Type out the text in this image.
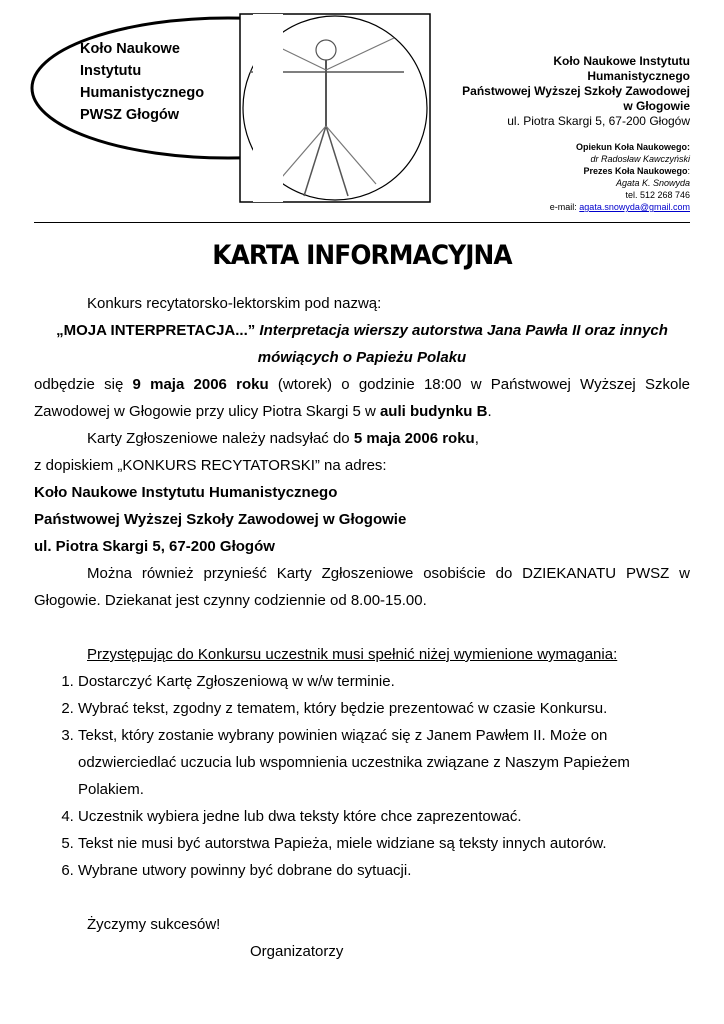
Koło Naukowe
Instytutu
Humanistycznego
PWSZ Głogów
Koło Naukowe Instytutu
Humanistycznego
Państwowej Wyższej Szkoły Zawodowej
w Głogowie
ul. Piotra Skargi 5, 67-200 Głogów
Opiekun Koła Naukowego:
dr Radosław Kawczyński
Prezes Koła Naukowego:
Agata K. Snowyda
tel. 512 268 746
e-mail: agata.snowyda@gmail.com
KARTA INFORMACYJNA

Konkurs recytatorsko-lektorskim pod nazwą:

„MOJA INTERPRETACJA...” Interpretacja wierszy autorstwa Jana Pawła II oraz innych mówiących o Papieżu Polaku

odbędzie się 9 maja 2006 roku (wtorek) o godzinie 18:00 w Państwowej Wyższej Szkole Zawodowej w Głogowie przy ulicy Piotra Skargi 5 w auli budynku B.

Karty Zgłoszeniowe należy nadsyłać do 5 maja 2006 roku,

z dopiskiem „KONKURS RECYTATORSKI” na adres:

Koło Naukowe Instytutu Humanistycznego

Państwowej Wyższej Szkoły Zawodowej w Głogowie

ul. Piotra Skargi 5, 67-200 Głogów

Można również przynieść Karty Zgłoszeniowe osobiście do DZIEKANATU PWSZ w Głogowie. Dziekanat jest czynny codziennie od 8.00-15.00.

Przystępując do Konkursu uczestnik musi spełnić niżej wymienione wymagania:

1. Dostarczyć Kartę Zgłoszeniową w w/w terminie.
2. Wybrać tekst, zgodny z tematem, który będzie prezentować w czasie Konkursu.
3. Tekst, który zostanie wybrany powinien wiązać się z Janem Pawłem II. Może on odzwierciedlać uczucia lub wspomnienia uczestnika związane z Naszym Papieżem Polakiem.
4. Uczestnik wybiera jedne lub dwa teksty które chce zaprezentować.
5. Tekst nie musi być autorstwa Papieża, miele widziane są teksty innych autorów.
6. Wybrane utwory powinny być dobrane do sytuacji.

Życzymy sukcesów!

Organizatorzy
